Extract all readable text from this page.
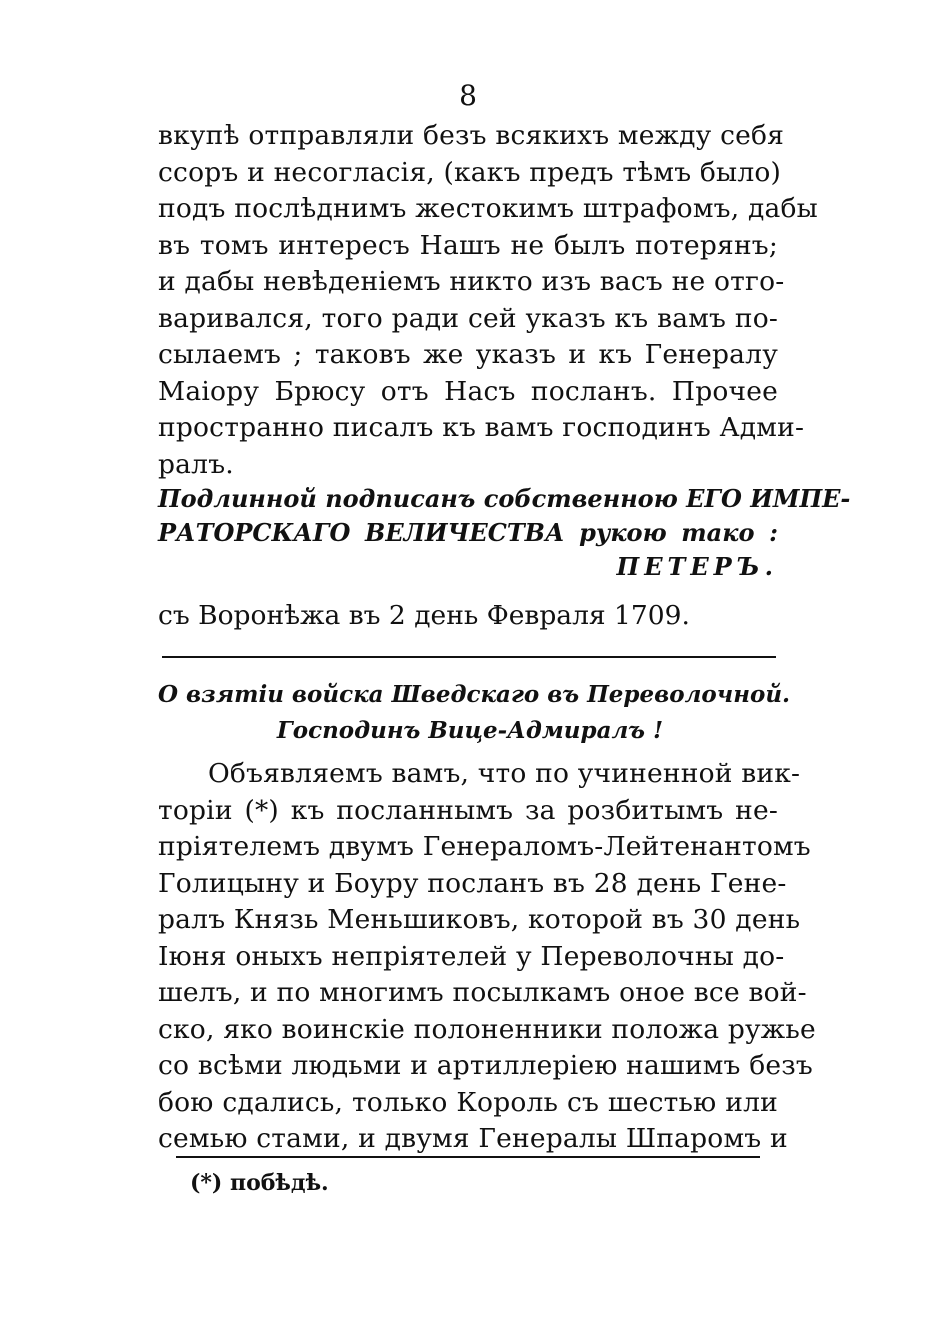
8
вкупѣ отправляли безъ всякихъ между себя
ссоръ и несогласія, (какъ предъ тѣмъ было)
подъ послѣднимъ жестокимъ штрафомъ, дабы
въ томъ интересъ Нашъ не былъ потерянъ;
и дабы невѣденіемъ никто изъ васъ не отго-
варивался, того ради сей указъ къ вамъ по-
сылаемъ ; таковъ же указъ и къ Генералу
Маіору Брюсу отъ Насъ посланъ. Прочее
пространно писалъ къ вамъ господинъ Адми-
ралъ.
Подлинной подписанъ собственною ЕГО ИМПЕ-
РАТОРСКАГО ВЕЛИЧЕСТВА рукою тако :
ПЕТЕРЪ.
съ Воронѣжа въ 2 день Февраля 1709.
О взятіи войска Шведскаго въ Переволочной.
Господинъ Вице-Адмиралъ !
Объявляемъ вамъ, что по учиненной вик-
торіи (*) къ посланнымъ за розбитымъ не-
пріятелемъ двумъ Генераломъ-Лейтенантомъ
Голицыну и Боуру посланъ въ 28 день Гене-
ралъ Князь Меньшиковъ, которой въ 30 день
Іюня оныхъ непріятелей у Переволочны до-
шелъ, и по многимъ посылкамъ оное все вой-
ско, яко воинскіе полоненники положа ружье
со всѣми людьми и артиллеріею нашимъ безъ
бою сдались, только Король съ шестью или
семью стами, и двумя Генералы Шпаромъ и
(*) побѣдѣ.
